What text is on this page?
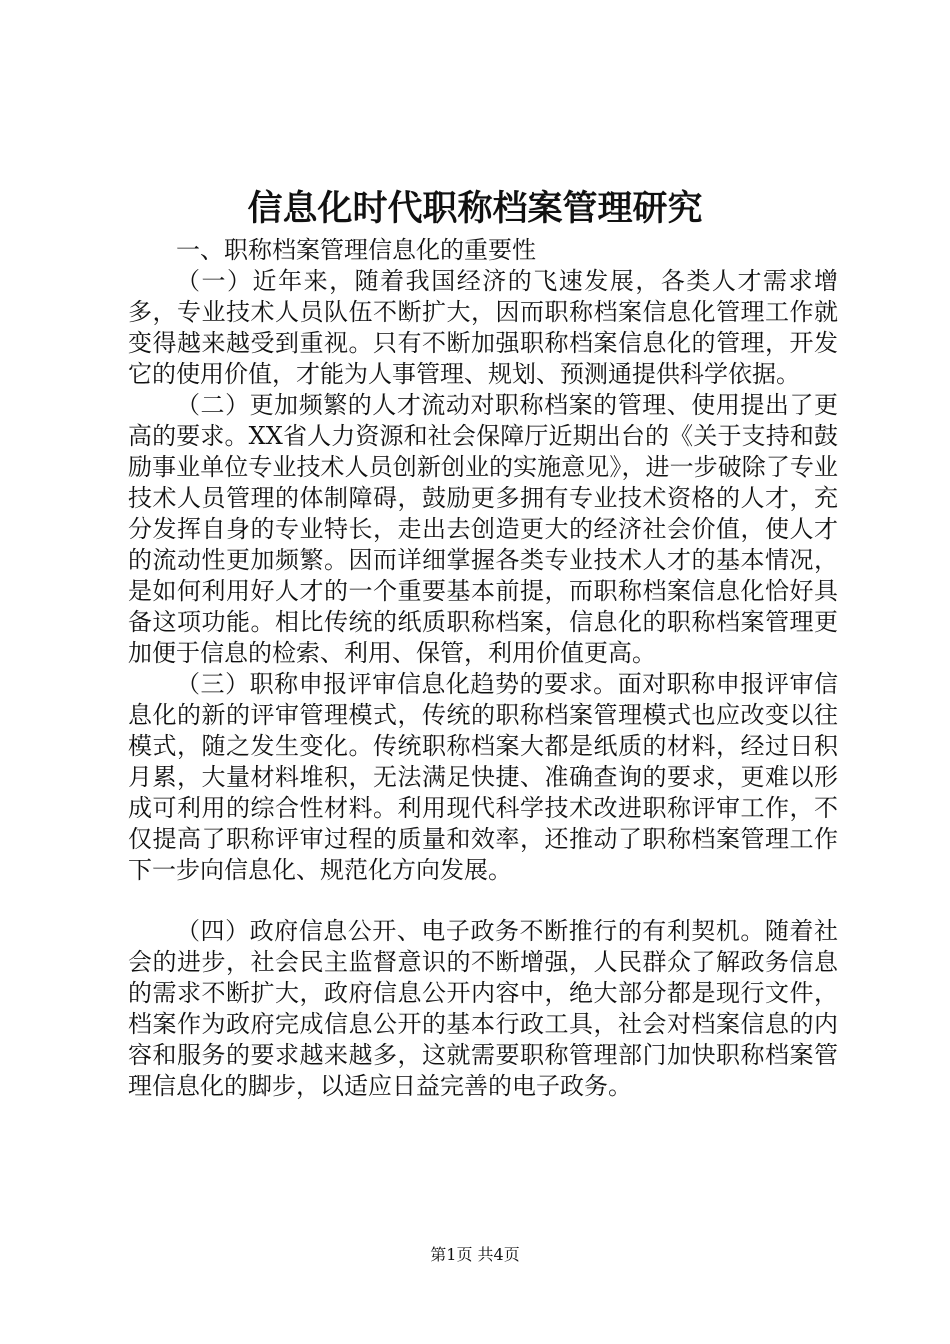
信息化时代职称档案管理研究

一、职称档案管理信息化的重要性

（一）近年来，随着我国经济的飞速发展，各类人才需求增多，专业技术人员队伍不断扩大，因而职称档案信息化管理工作就变得越来越受到重视。只有不断加强职称档案信息化的管理，开发它的使用价值，才能为人事管理、规划、预测通提供科学依据。

（二）更加频繁的人才流动对职称档案的管理、使用提出了更高的要求。XX省人力资源和社会保障厅近期出台的《关于支持和鼓励事业单位专业技术人员创新创业的实施意见》，进一步破除了专业技术人员管理的体制障碍，鼓励更多拥有专业技术资格的人才，充分发挥自身的专业特长，走出去创造更大的经济社会价值，使人才的流动性更加频繁。因而详细掌握各类专业技术人才的基本情况，是如何利用好人才的一个重要基本前提，而职称档案信息化恰好具备这项功能。相比传统的纸质职称档案，信息化的职称档案管理更加便于信息的检索、利用、保管，利用价值更高。

（三）职称申报评审信息化趋势的要求。面对职称申报评审信息化的新的评审管理模式，传统的职称档案管理模式也应改变以往模式，随之发生变化。传统职称档案大都是纸质的材料，经过日积月累，大量材料堆积，无法满足快捷、准确查询的要求，更难以形成可利用的综合性材料。利用现代科学技术改进职称评审工作，不仅提高了职称评审过程的质量和效率，还推动了职称档案管理工作下一步向信息化、规范化方向发展。

（四）政府信息公开、电子政务不断推行的有利契机。随着社会的进步，社会民主监督意识的不断增强，人民群众了解政务信息的需求不断扩大，政府信息公开内容中，绝大部分都是现行文件，档案作为政府完成信息公开的基本行政工具，社会对档案信息的内容和服务的要求越来越多，这就需要职称管理部门加快职称档案管理信息化的脚步，以适应日益完善的电子政务。

第1页 共4页
